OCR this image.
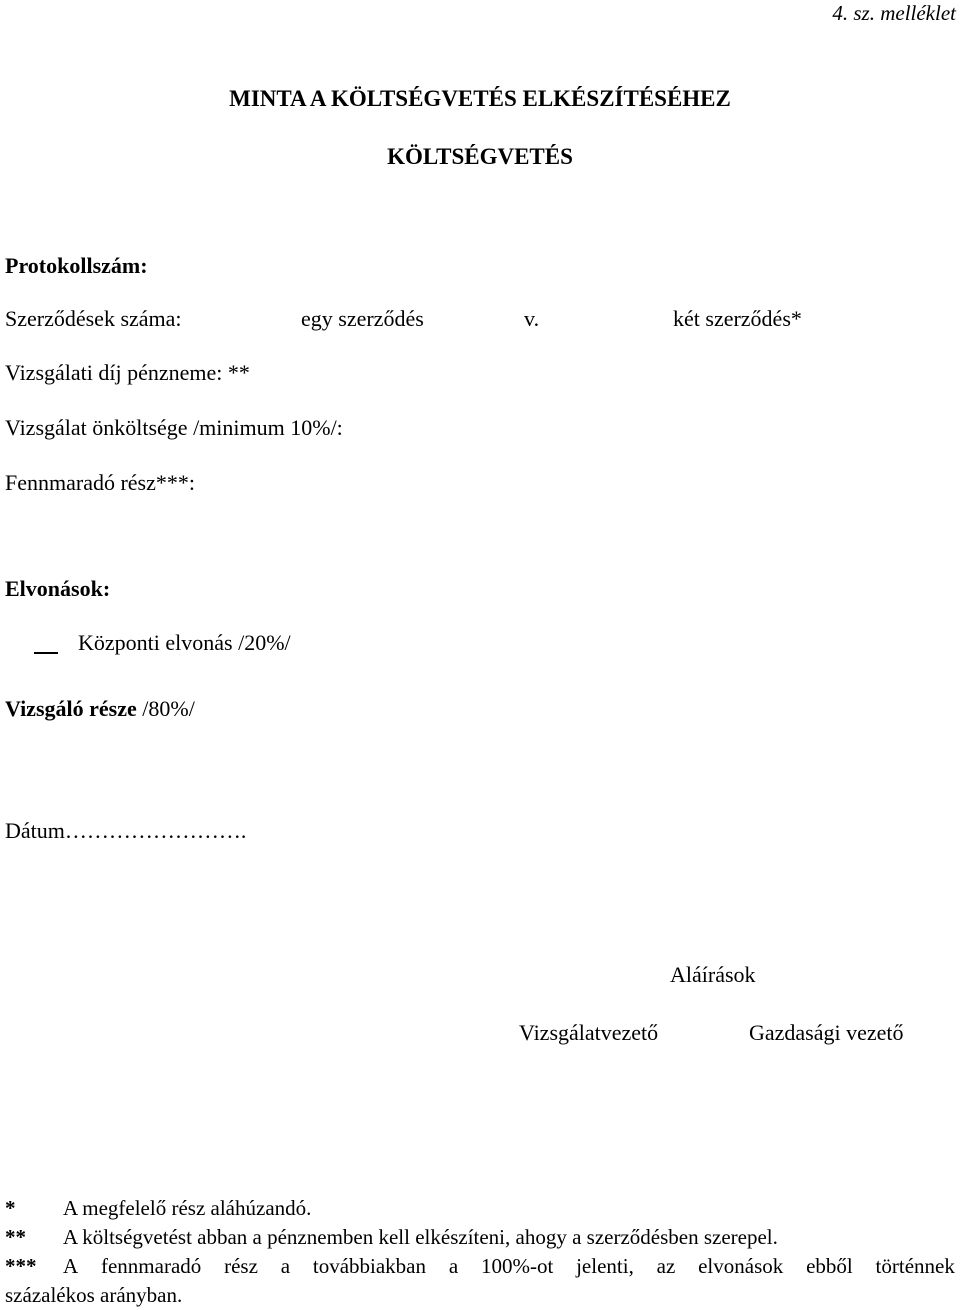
4. sz. melléklet
MINTA A KÖLTSÉGVETÉS ELKÉSZÍTÉSÉHEZ
KÖLTSÉGVETÉS
Protokollszám:
Szerződések száma:	egy szerződés	v.	két szerződés*
Vizsgálati díj pénzneme: **
Vizsgálat önköltsége /minimum 10%/:
Fennmaradó rész***:
Elvonások:
Központi elvonás /20%/
Vizsgáló része /80%/
Dátum…………………….
Aláírások
Vizsgálatvezető	Gazdasági vezető
*	A megfelelő rész aláhúzandó.
**	A költségvetést abban a pénznemben kell elkészíteni, ahogy a szerződésben szerepel.
***	A fennmaradó rész a továbbiakban a 100%-ot jelenti, az elvonások ebből történnek
százalékos arányban.
